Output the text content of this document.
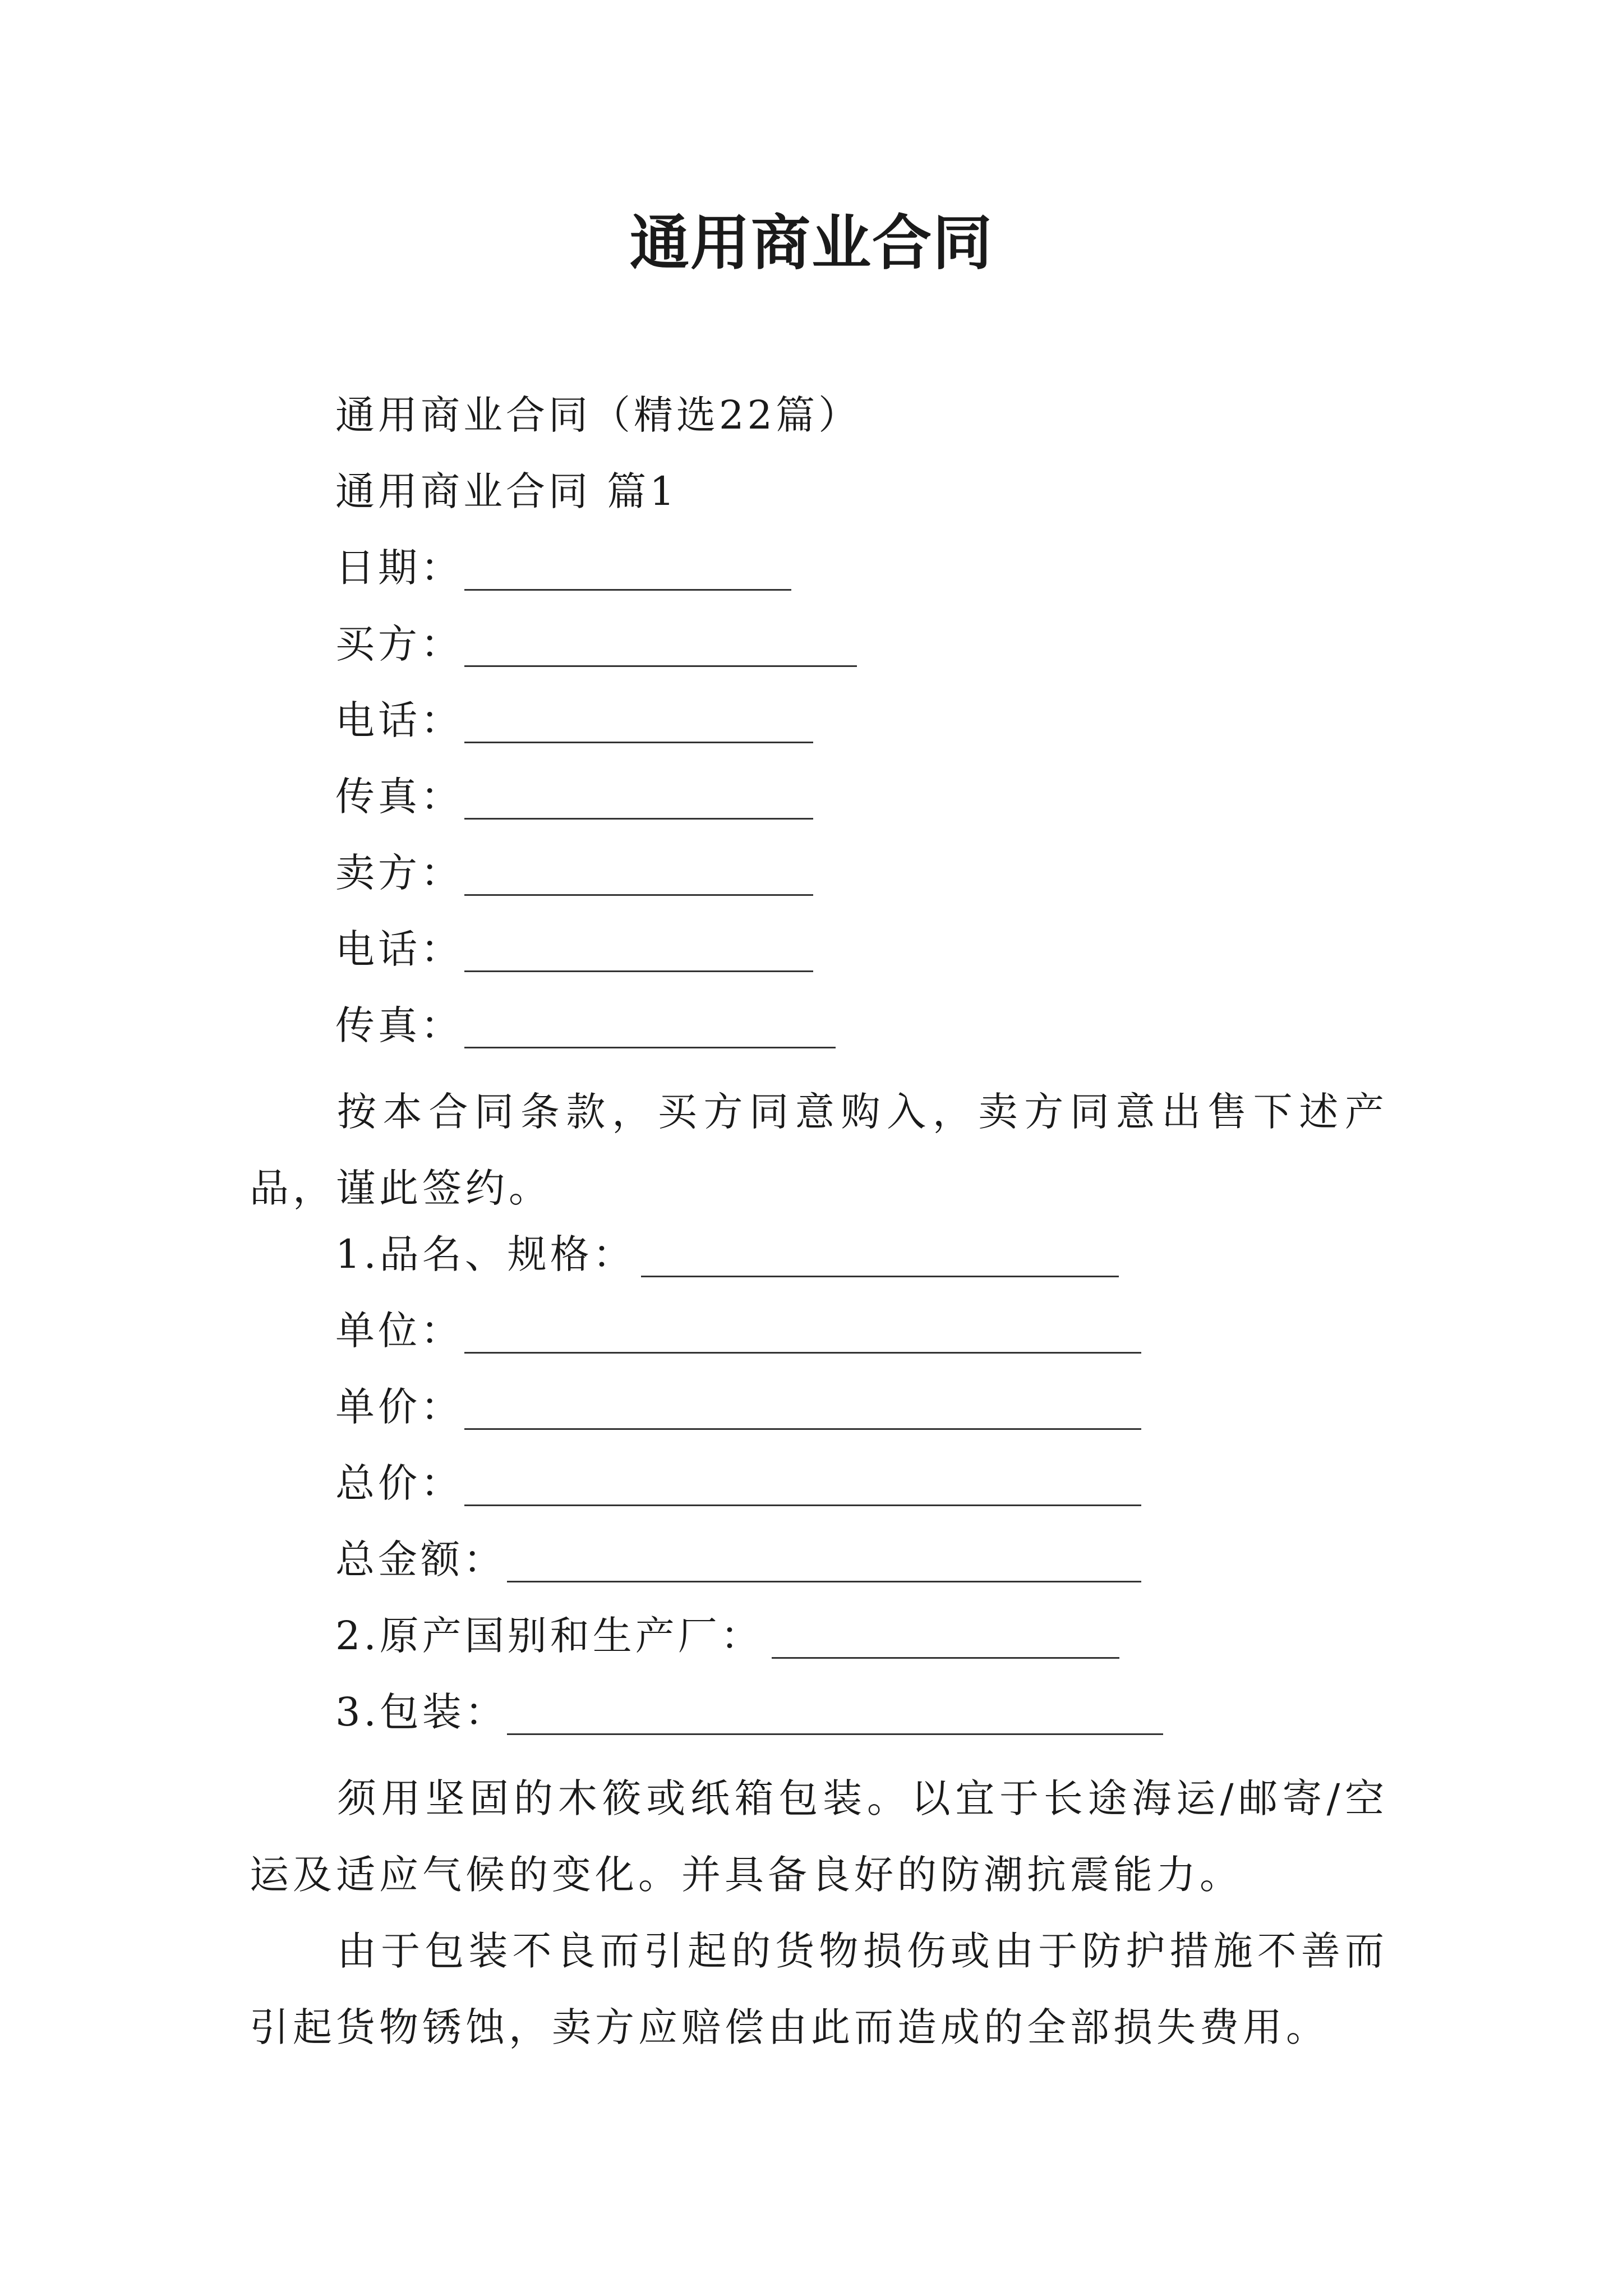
通用商业合同
通用商业合同（精选22篇）
通用商业合同 篇1
日期：
买方：
电话：
传真：
卖方：
电话：
传真：
按本合同条款，买方同意购入，卖方同意出售下述产品，谨此签约。
1.品名、规格：
单位：
单价：
总价：
总金额：
2.原产国别和生产厂：
3.包装：
须用坚固的木筱或纸箱包装。以宜于长途海运/邮寄/空运及适应气候的变化。并具备良好的防潮抗震能力。
由于包装不良而引起的货物损伤或由于防护措施不善而引起货物锈蚀，卖方应赔偿由此而造成的全部损失费用。
